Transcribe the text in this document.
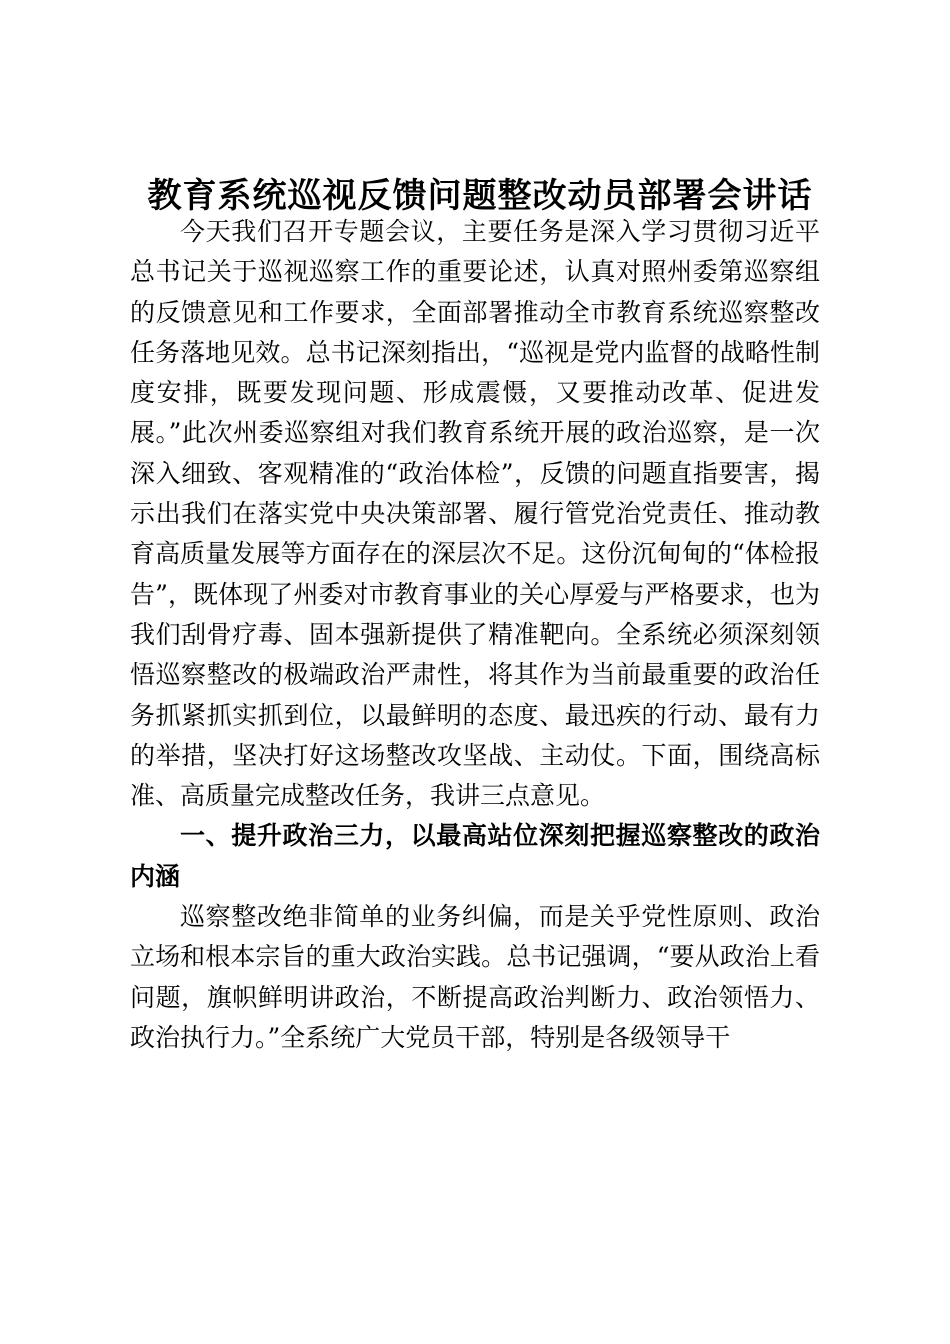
教育系统巡视反馈问题整改动员部署会讲话

今天我们召开专题会议，主要任务是深入学习贯彻习近平总书记关于巡视巡察工作的重要论述，认真对照州委第巡察组的反馈意见和工作要求，全面部署推动全市教育系统巡察整改任务落地见效。总书记深刻指出，“巡视是党内监督的战略性制度安排，既要发现问题、形成震慑，又要推动改革、促进发展。”此次州委巡察组对我们教育系统开展的政治巡察，是一次深入细致、客观精准的“政治体检”，反馈的问题直指要害，揭示出我们在落实党中央决策部署、履行管党治党责任、推动教育高质量发展等方面存在的深层次不足。这份沉甸甸的“体检报告”，既体现了州委对市教育事业的关心厚爱与严格要求，也为我们刮骨疗毒、固本强新提供了精准靶向。全系统必须深刻领悟巡察整改的极端政治严肃性，将其作为当前最重要的政治任务抓紧抓实抓到位，以最鲜明的态度、最迅疾的行动、最有力的举措，坚决打好这场整改攻坚战、主动仗。下面，围绕高标准、高质量完成整改任务，我讲三点意见。

一、提升政治三力，以最高站位深刻把握巡察整改的政治内涵

巡察整改绝非简单的业务纠偏，而是关乎党性原则、政治立场和根本宗旨的重大政治实践。总书记强调，“要从政治上看问题，旗帜鲜明讲政治，不断提高政治判断力、政治领悟力、政治执行力。”全系统广大党员干部，特别是各级领导干
